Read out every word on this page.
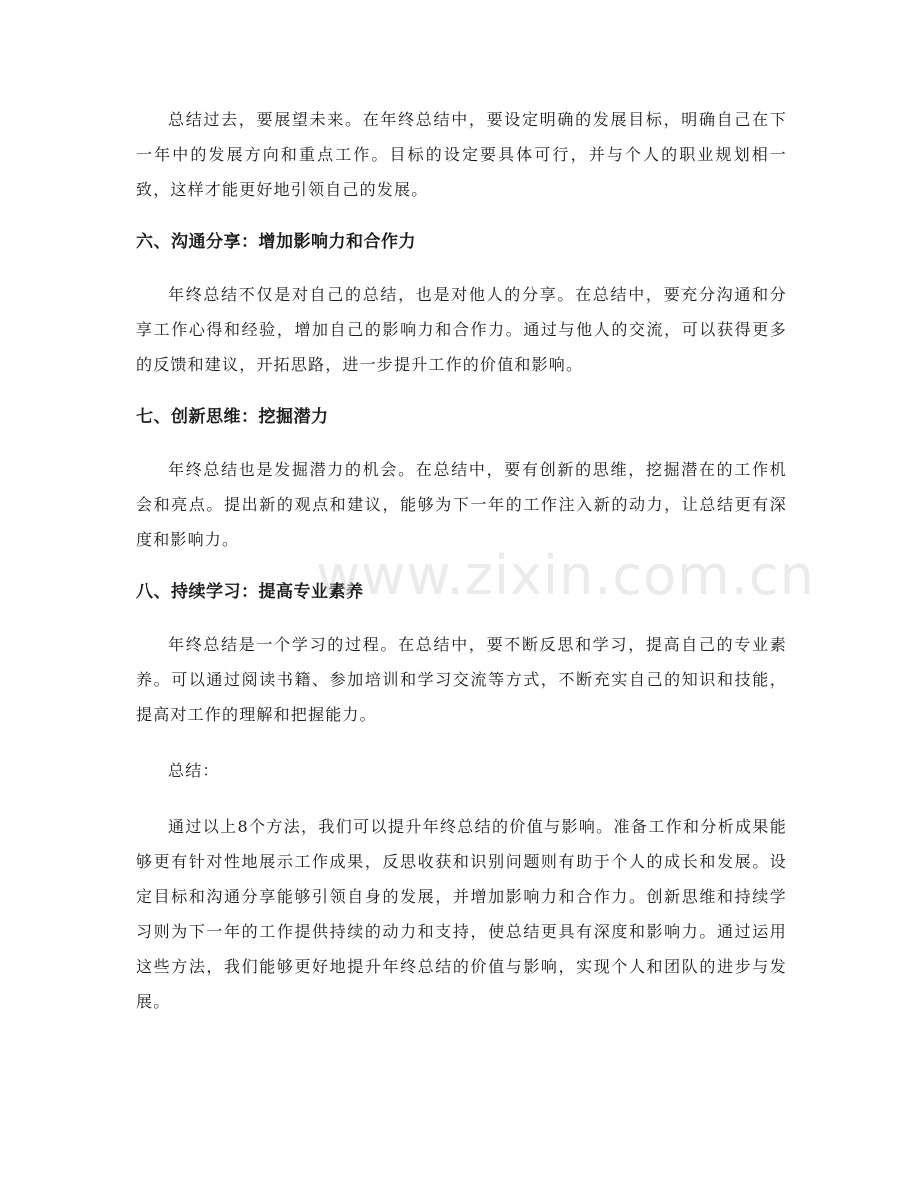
总结过去，要展望未来。在年终总结中，要设定明确的发展目标，明确自己在下一年中的发展方向和重点工作。目标的设定要具体可行，并与个人的职业规划相一致，这样才能更好地引领自己的发展。

六、沟通分享：增加影响力和合作力

年终总结不仅是对自己的总结，也是对他人的分享。在总结中，要充分沟通和分享工作心得和经验，增加自己的影响力和合作力。通过与他人的交流，可以获得更多的反馈和建议，开拓思路，进一步提升工作的价值和影响。

七、创新思维：挖掘潜力

年终总结也是发掘潜力的机会。在总结中，要有创新的思维，挖掘潜在的工作机会和亮点。提出新的观点和建议，能够为下一年的工作注入新的动力，让总结更有深度和影响力。

八、持续学习：提高专业素养

年终总结是一个学习的过程。在总结中，要不断反思和学习，提高自己的专业素养。可以通过阅读书籍、参加培训和学习交流等方式，不断充实自己的知识和技能，提高对工作的理解和把握能力。

总结：

通过以上8个方法，我们可以提升年终总结的价值与影响。准备工作和分析成果能够更有针对性地展示工作成果，反思收获和识别问题则有助于个人的成长和发展。设定目标和沟通分享能够引领自身的发展，并增加影响力和合作力。创新思维和持续学习则为下一年的工作提供持续的动力和支持，使总结更具有深度和影响力。通过运用这些方法，我们能够更好地提升年终总结的价值与影响，实现个人和团队的进步与发展。

www.zixin.com.cn
